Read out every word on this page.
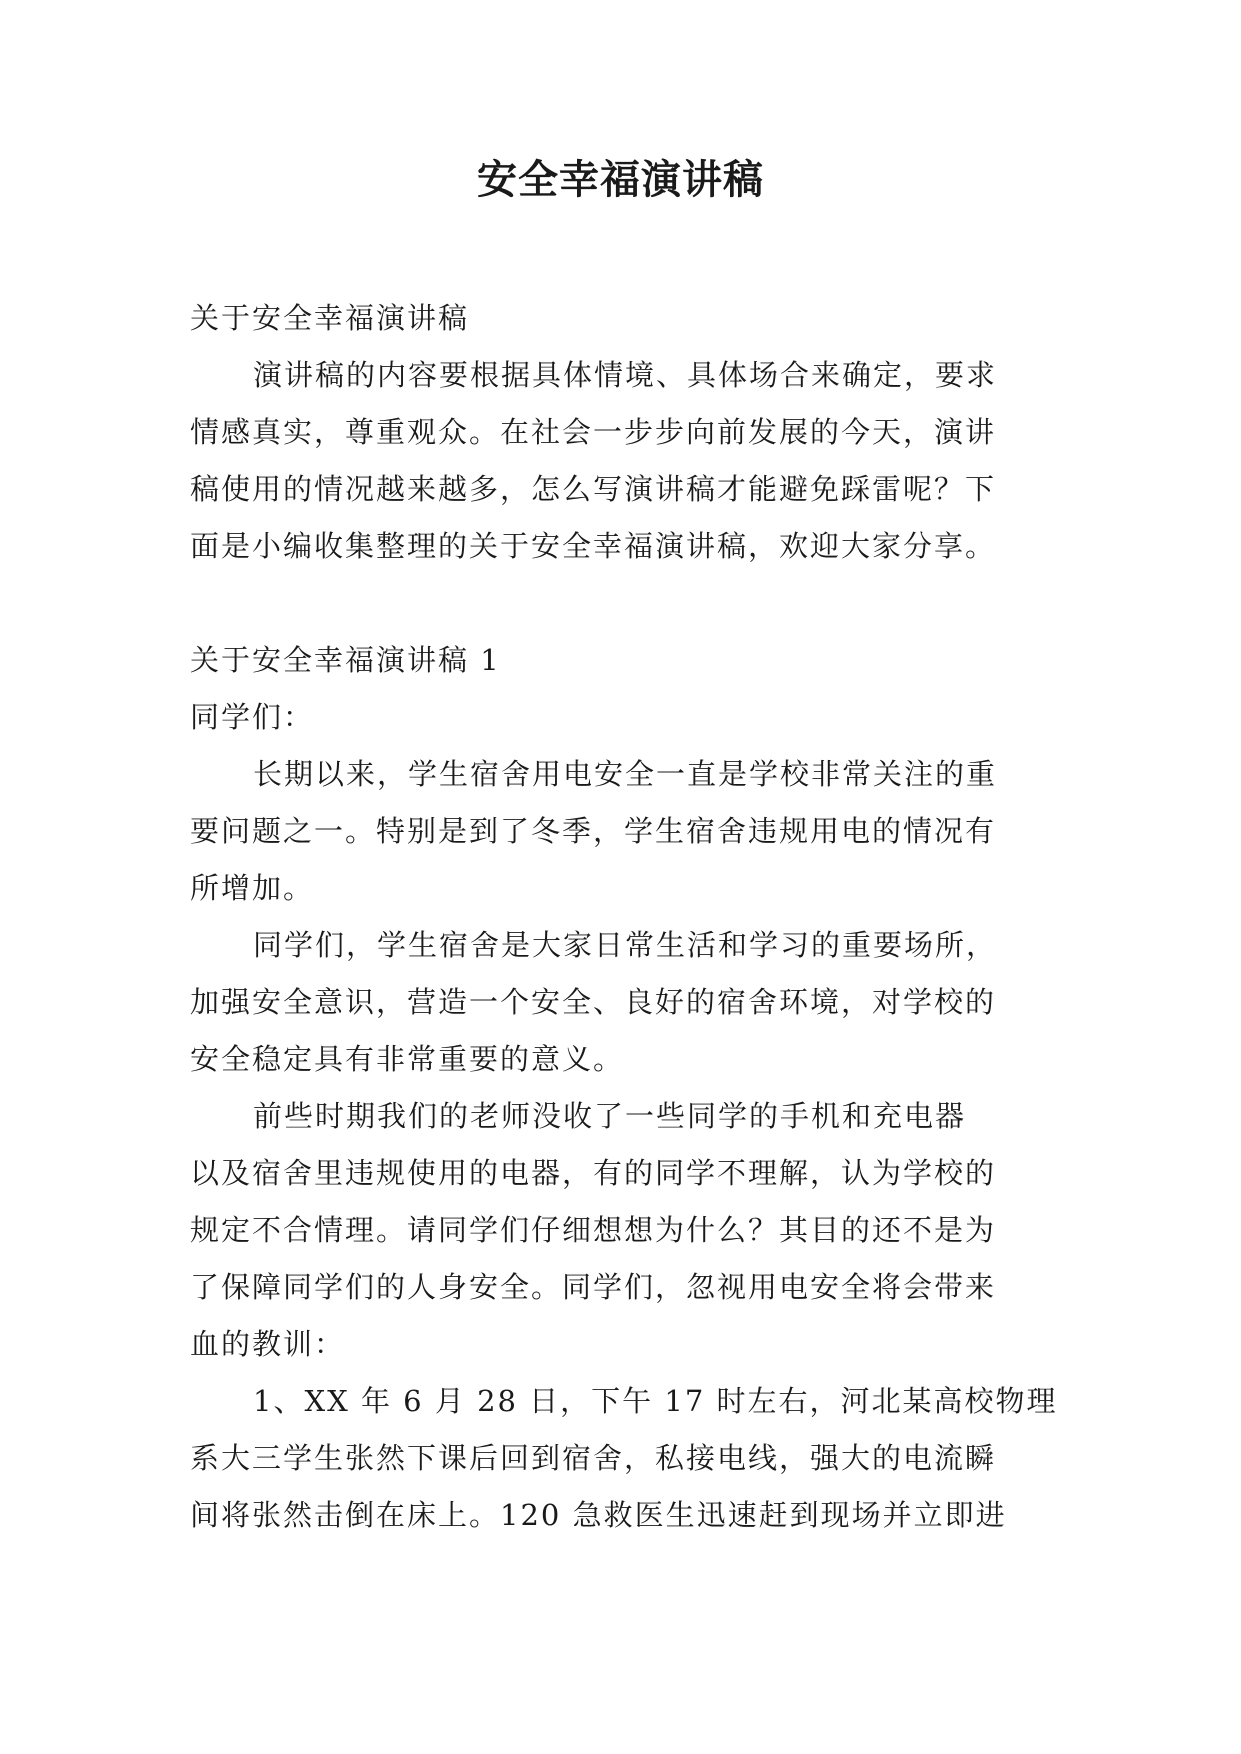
安全幸福演讲稿

关于安全幸福演讲稿

演讲稿的内容要根据具体情境、具体场合来确定，要求

情感真实，尊重观众。在社会一步步向前发展的今天，演讲

稿使用的情况越来越多，怎么写演讲稿才能避免踩雷呢？下

面是小编收集整理的关于安全幸福演讲稿，欢迎大家分享。

关于安全幸福演讲稿 1

同学们：

长期以来，学生宿舍用电安全一直是学校非常关注的重

要问题之一。特别是到了冬季，学生宿舍违规用电的情况有

所增加。

同学们，学生宿舍是大家日常生活和学习的重要场所，

加强安全意识，营造一个安全、良好的宿舍环境，对学校的

安全稳定具有非常重要的意义。

前些时期我们的老师没收了一些同学的手机和充电器

以及宿舍里违规使用的电器，有的同学不理解，认为学校的

规定不合情理。请同学们仔细想想为什么？其目的还不是为

了保障同学们的人身安全。同学们，忽视用电安全将会带来

血的教训：

1、XX 年 6 月 28 日，下午 17 时左右，河北某高校物理

系大三学生张然下课后回到宿舍，私接电线，强大的电流瞬

间将张然击倒在床上。120 急救医生迅速赶到现场并立即进
